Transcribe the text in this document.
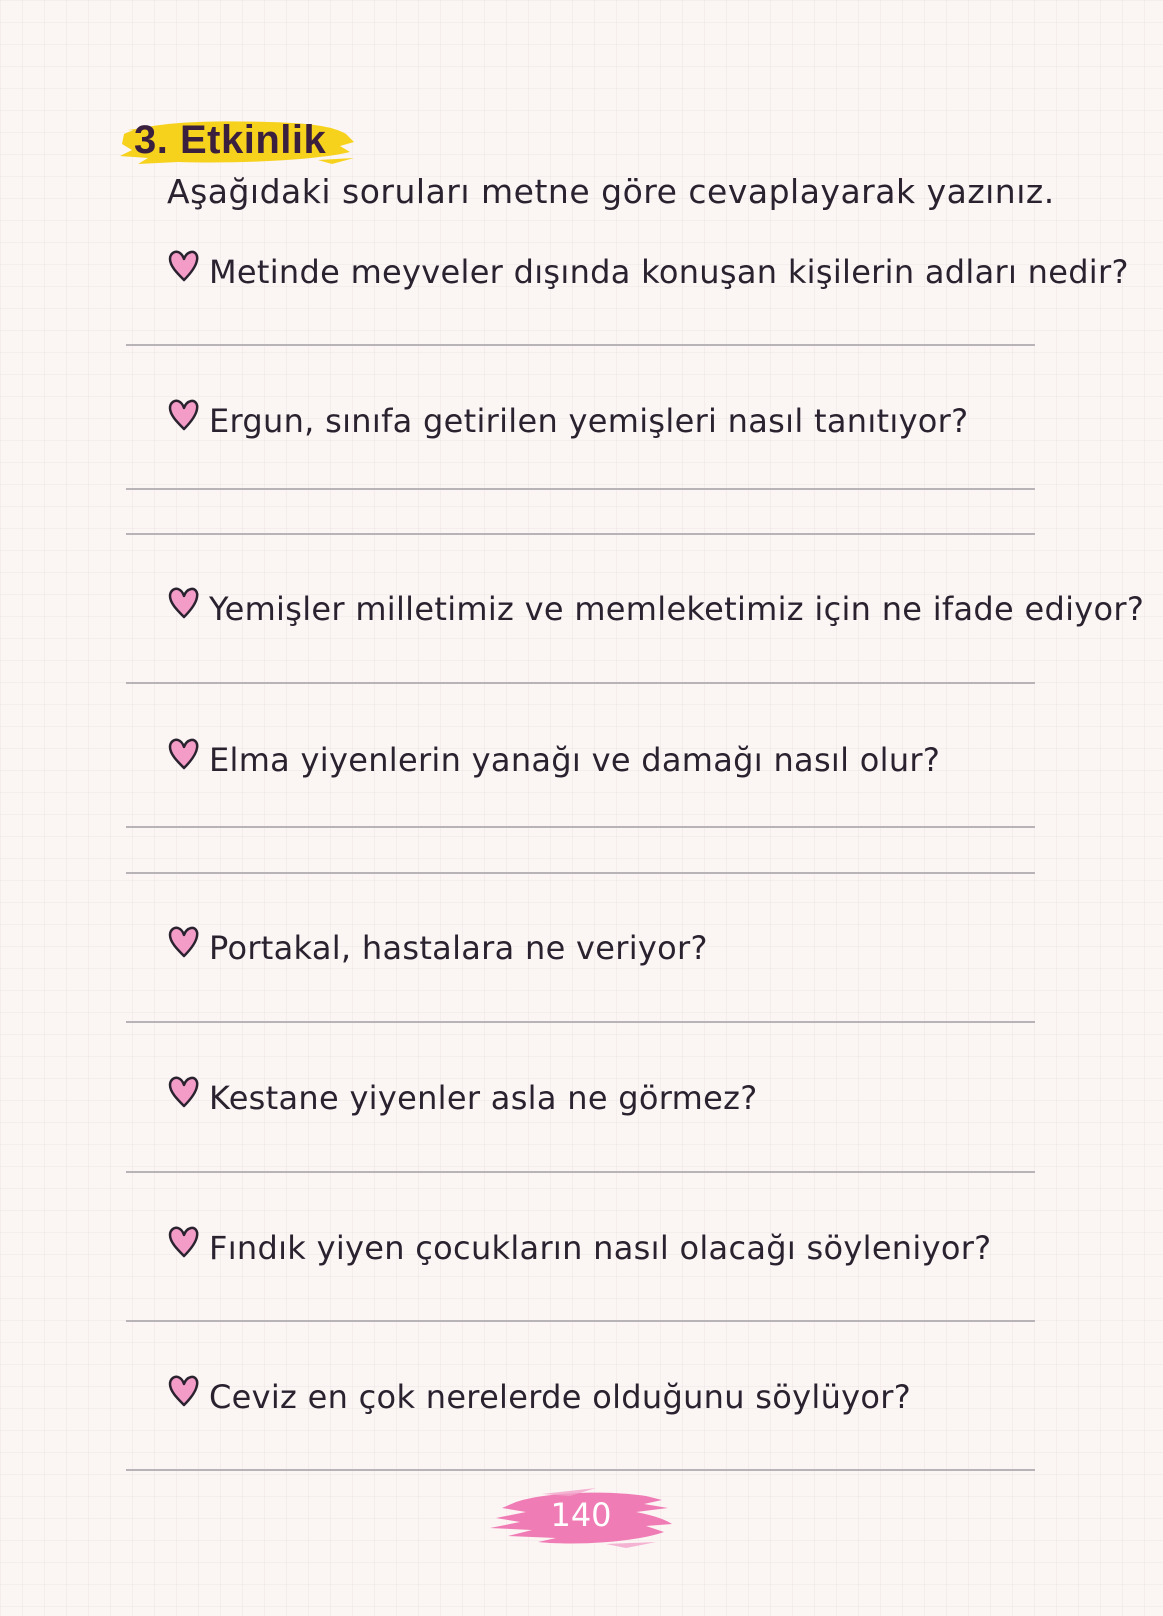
3. Etkinlik
Aşağıdaki soruları metne göre cevaplayarak yazınız.
Metinde meyveler dışında konuşan kişilerin adları nedir?
Ergun, sınıfa getirilen yemişleri nasıl tanıtıyor?
Yemişler milletimiz ve memleketimiz için ne ifade ediyor?
Elma yiyenlerin yanağı ve damağı nasıl olur?
Portakal, hastalara ne veriyor?
Kestane yiyenler asla ne görmez?
Fındık yiyen çocukların nasıl olacağı söyleniyor?
Ceviz en çok nerelerde olduğunu söylüyor?
140
